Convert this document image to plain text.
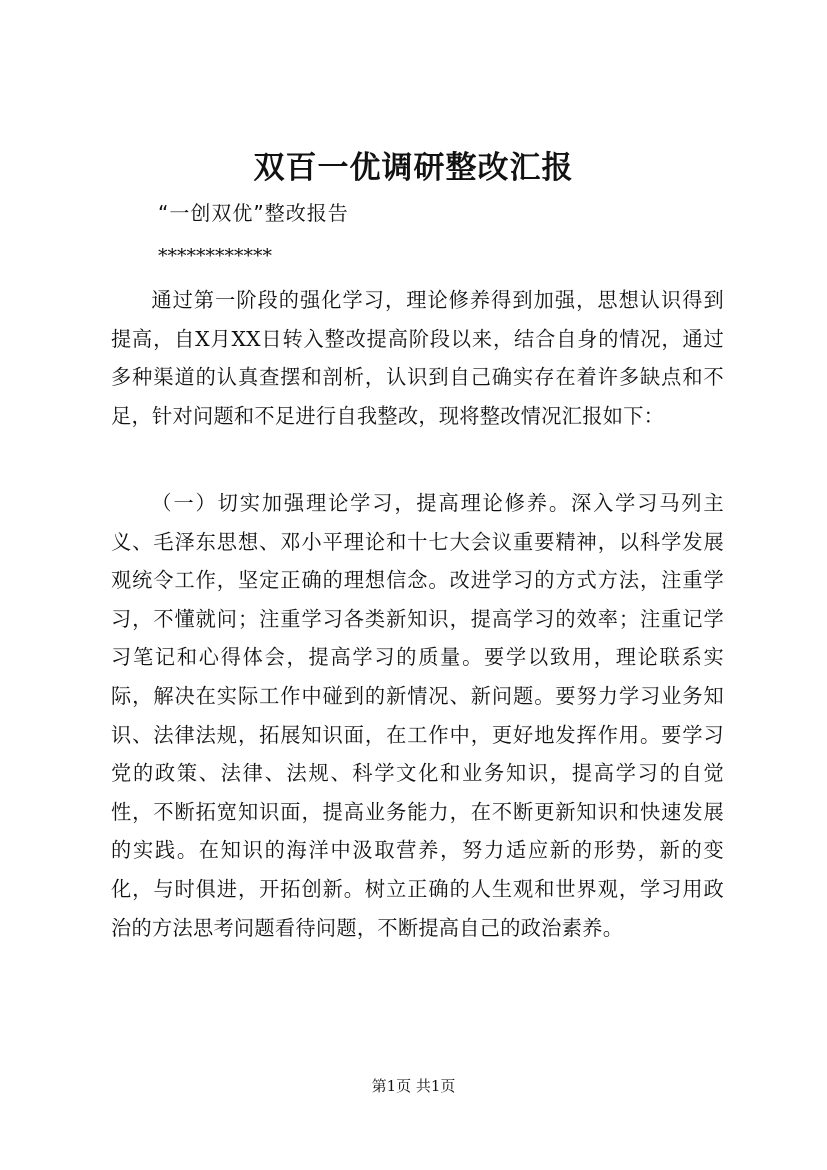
双百一优调研整改汇报
“一创双优”整改报告
************

通过第一阶段的强化学习，理论修养得到加强，思想认识得到提高，自X月XX日转入整改提高阶段以来，结合自身的情况，通过多种渠道的认真查摆和剖析，认识到自己确实存在着许多缺点和不足，针对问题和不足进行自我整改，现将整改情况汇报如下：

（一）切实加强理论学习，提高理论修养。深入学习马列主义、毛泽东思想、邓小平理论和十七大会议重要精神，以科学发展观统令工作，坚定正确的理想信念。改进学习的方式方法，注重学习，不懂就问；注重学习各类新知识，提高学习的效率；注重记学习笔记和心得体会，提高学习的质量。要学以致用，理论联系实际，解决在实际工作中碰到的新情况、新问题。要努力学习业务知识、法律法规，拓展知识面，在工作中，更好地发挥作用。要学习党的政策、法律、法规、科学文化和业务知识，提高学习的自觉性，不断拓宽知识面，提高业务能力，在不断更新知识和快速发展的实践。在知识的海洋中汲取营养，努力适应新的形势，新的变化，与时俱进，开拓创新。树立正确的人生观和世界观，学习用政治的方法思考问题看待问题，不断提高自己的政治素养。

第1页 共1页
